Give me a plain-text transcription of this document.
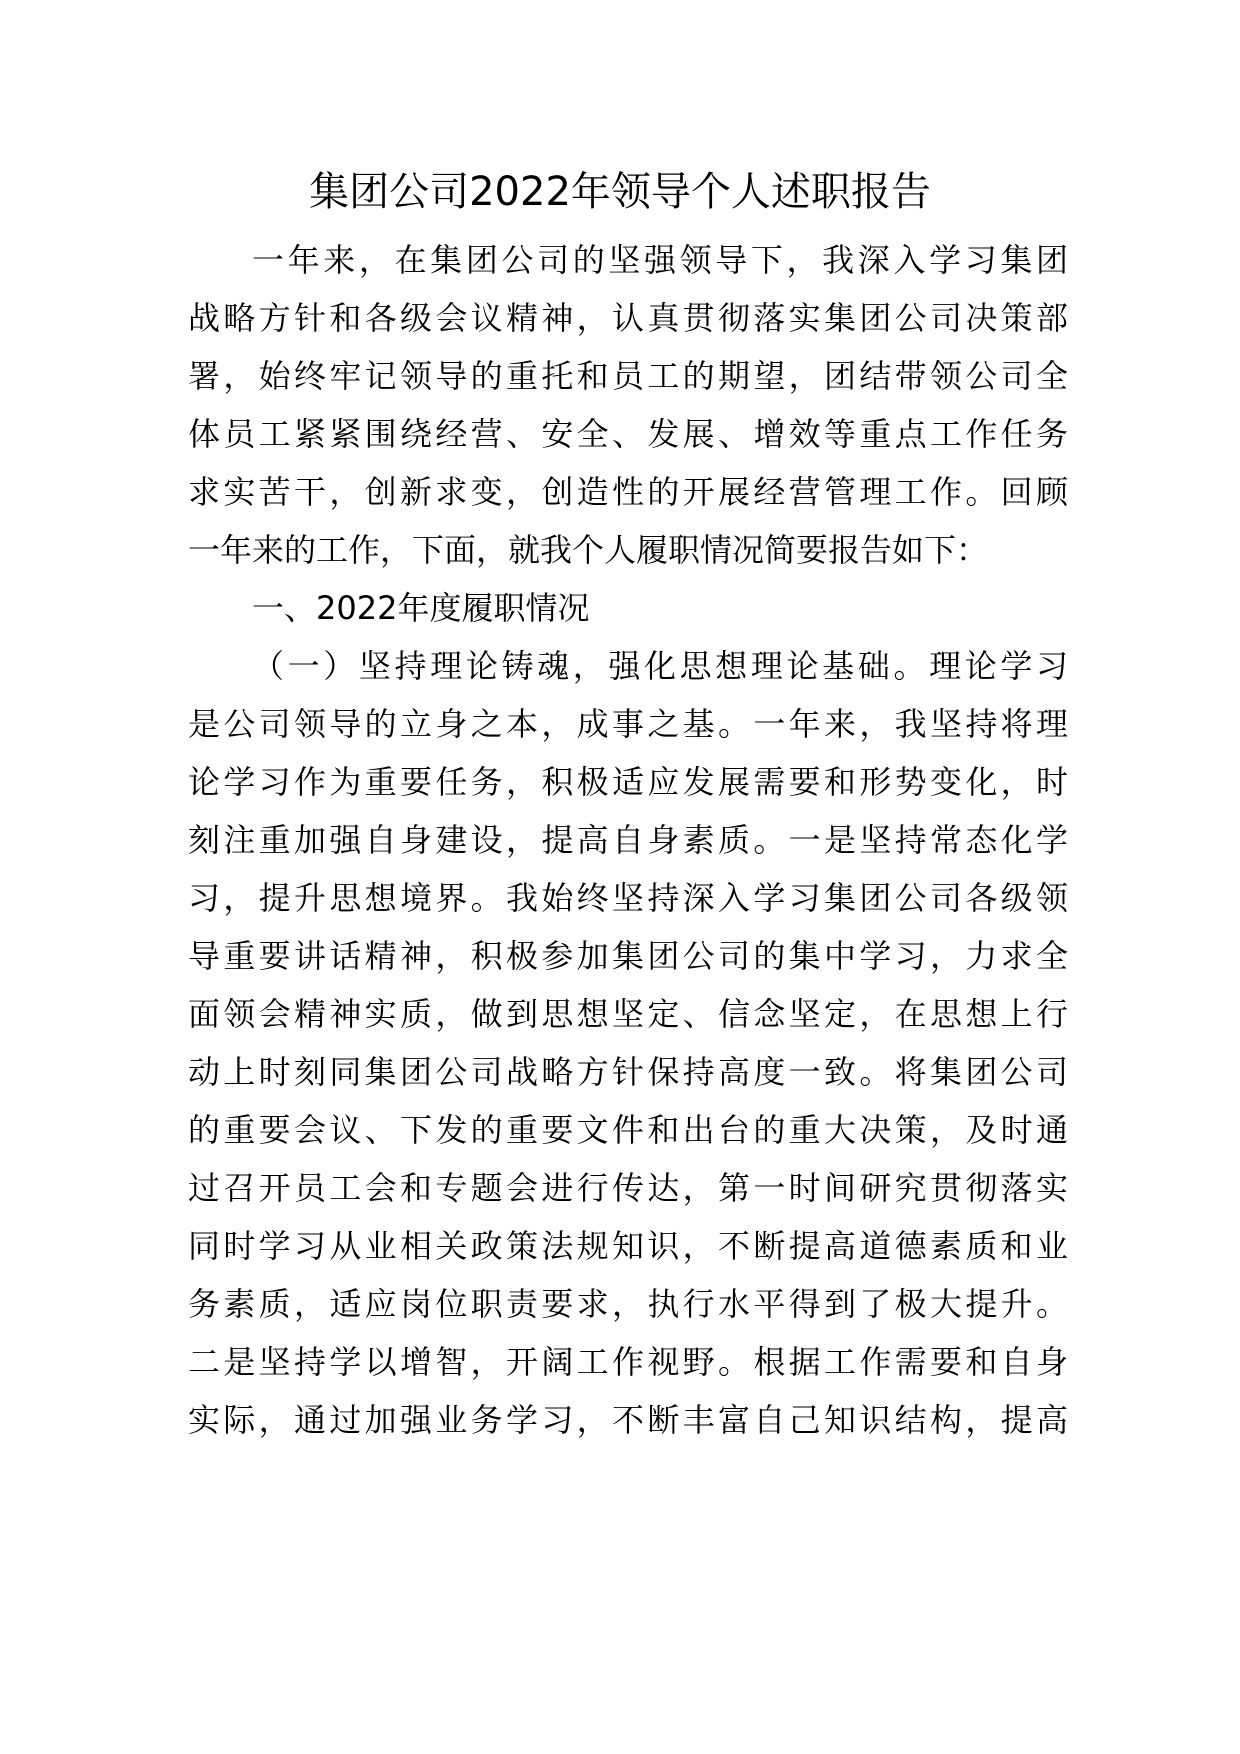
集团公司2022年领导个人述职报告
一年来，在集团公司的坚强领导下，我深入学习集团
战略方针和各级会议精神，认真贯彻落实集团公司决策部
署，始终牢记领导的重托和员工的期望，团结带领公司全
体员工紧紧围绕经营、安全、发展、增效等重点工作任务
求实苦干，创新求变，创造性的开展经营管理工作。回顾
一年来的工作，下面，就我个人履职情况简要报告如下：
一、2022年度履职情况
（一）坚持理论铸魂，强化思想理论基础。理论学习
是公司领导的立身之本，成事之基。一年来，我坚持将理
论学习作为重要任务，积极适应发展需要和形势变化，时
刻注重加强自身建设，提高自身素质。一是坚持常态化学
习，提升思想境界。我始终坚持深入学习集团公司各级领
导重要讲话精神，积极参加集团公司的集中学习，力求全
面领会精神实质，做到思想坚定、信念坚定，在思想上行
动上时刻同集团公司战略方针保持高度一致。将集团公司
的重要会议、下发的重要文件和出台的重大决策，及时通
过召开员工会和专题会进行传达，第一时间研究贯彻落实
同时学习从业相关政策法规知识，不断提高道德素质和业
务素质，适应岗位职责要求，执行水平得到了极大提升。
二是坚持学以增智，开阔工作视野。根据工作需要和自身
实际，通过加强业务学习，不断丰富自己知识结构，提高
